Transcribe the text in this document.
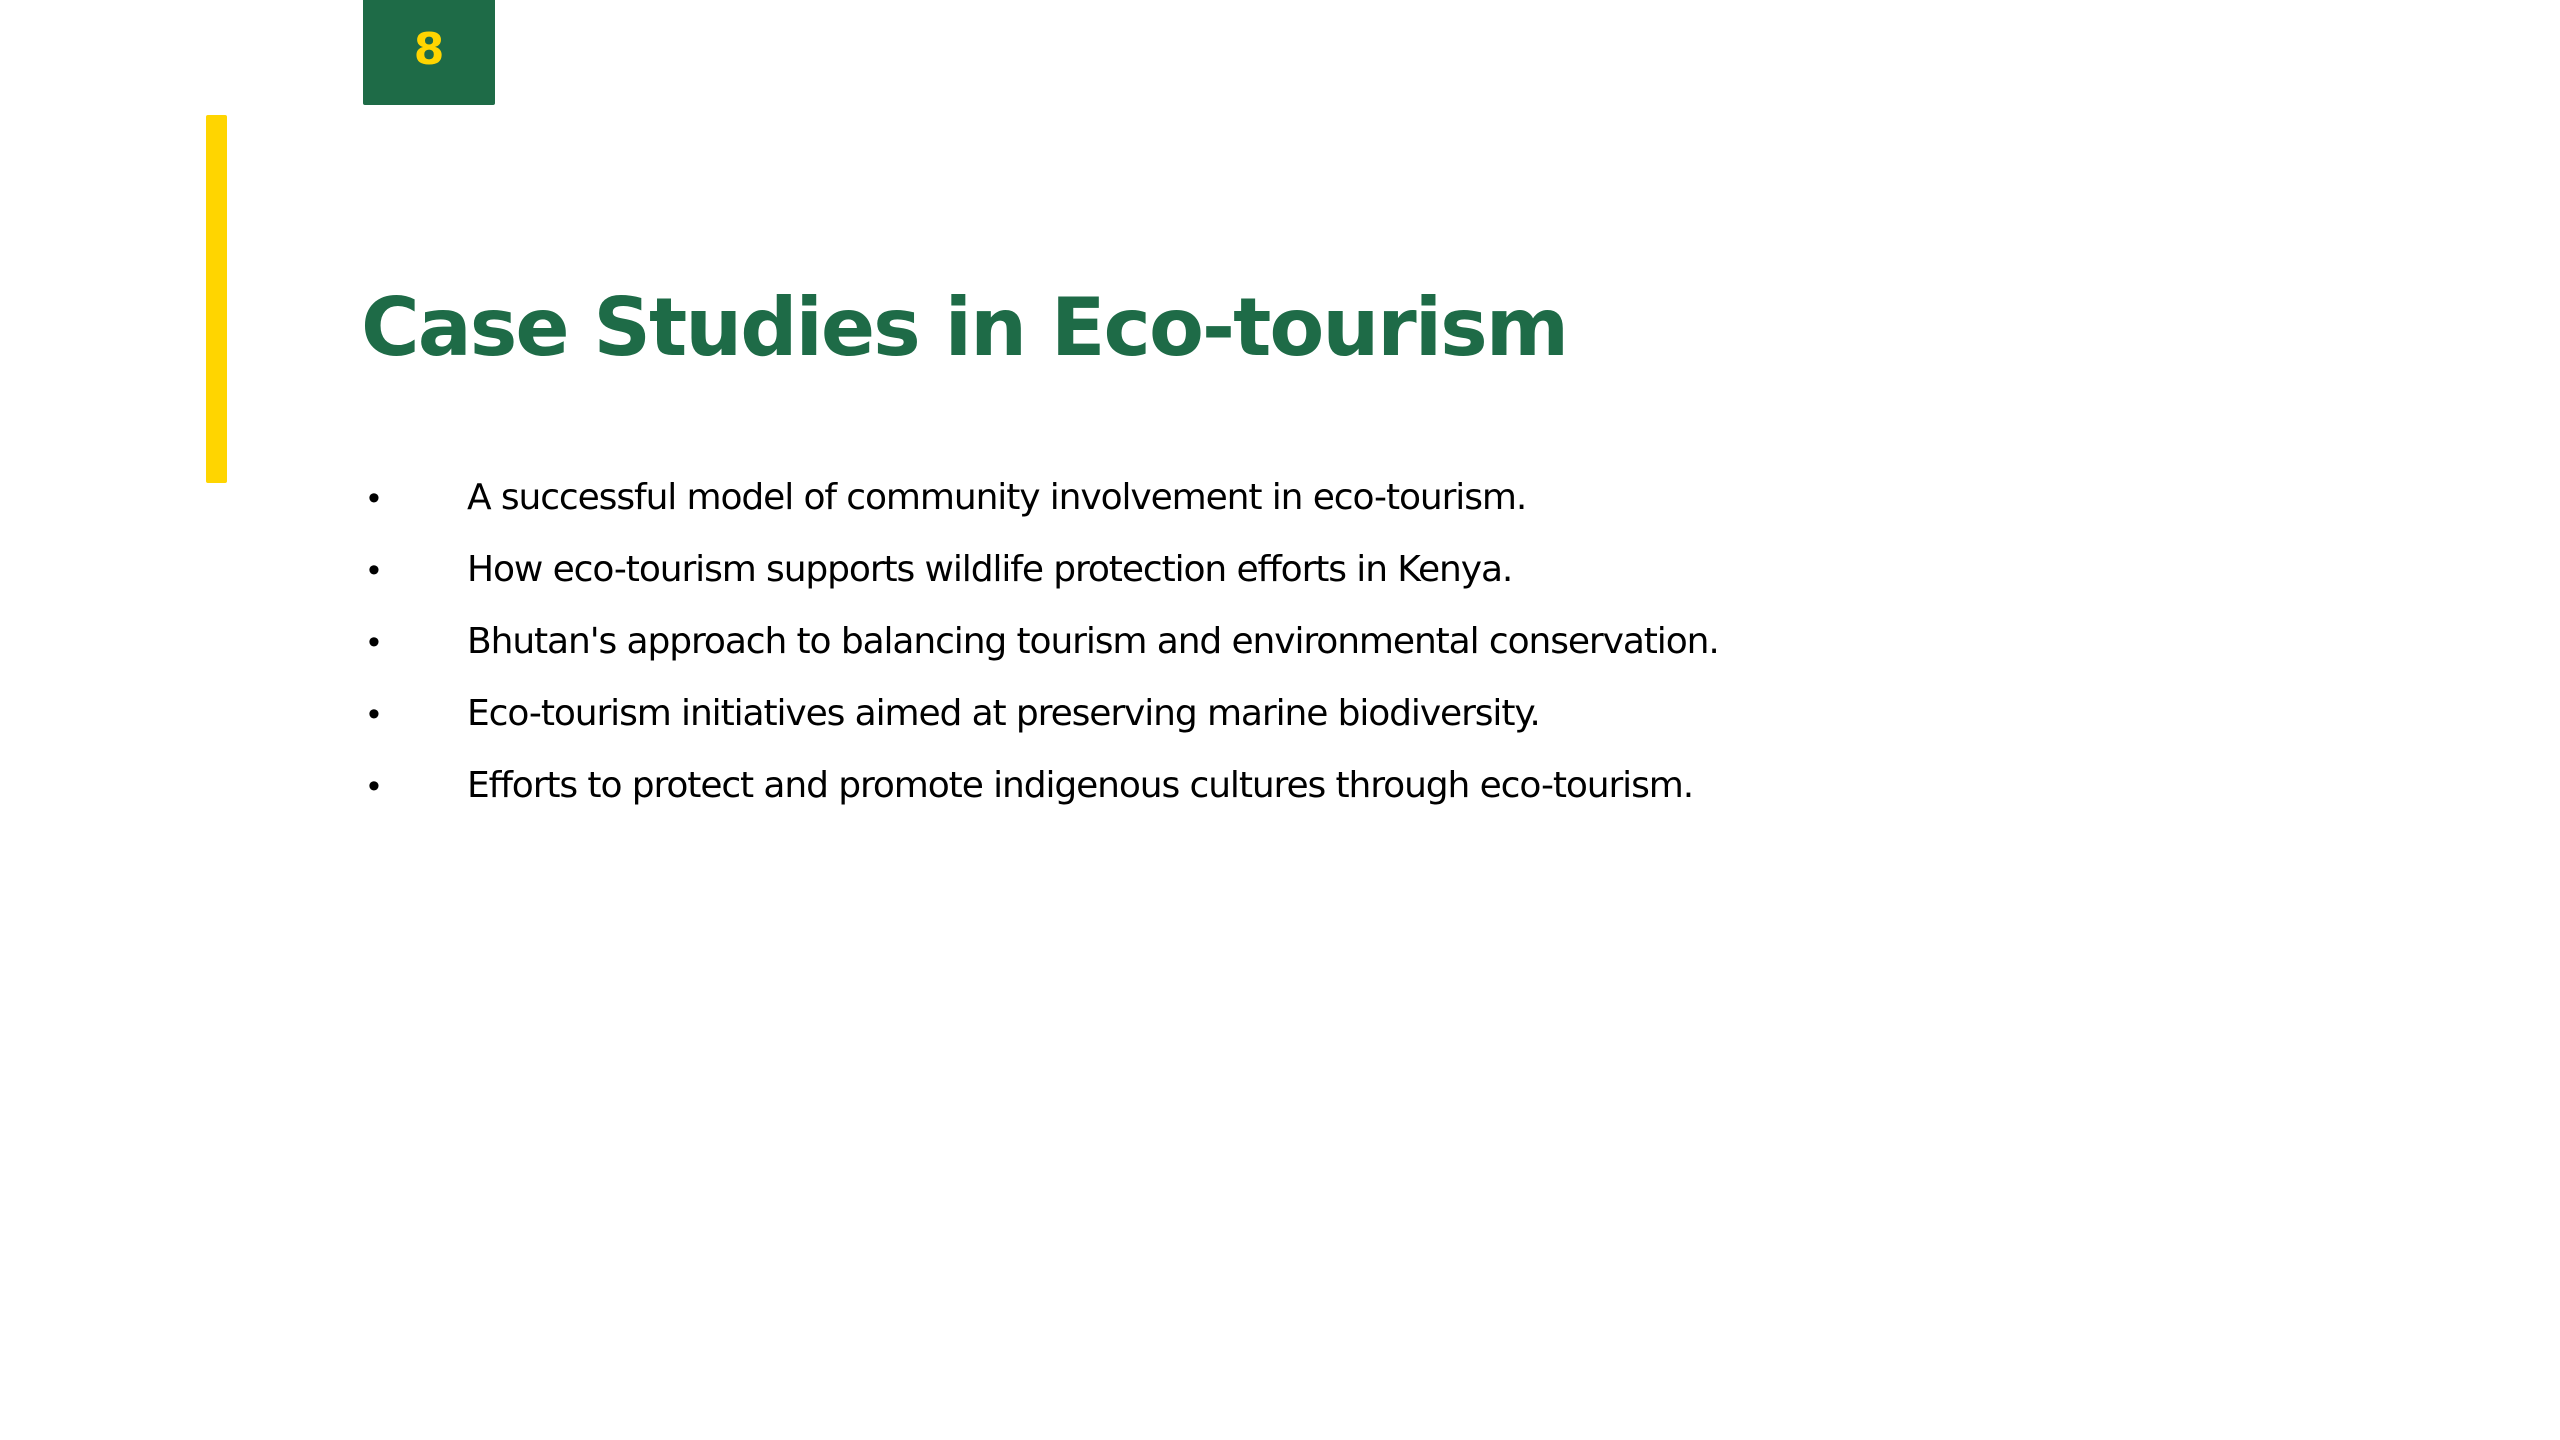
8
Case Studies in Eco-tourism
•	A successful model of community involvement in eco-tourism.
•	How eco-tourism supports wildlife protection efforts in Kenya.
•	Bhutan's approach to balancing tourism and environmental conservation.
•	Eco-tourism initiatives aimed at preserving marine biodiversity.
•	Efforts to protect and promote indigenous cultures through eco-tourism.
